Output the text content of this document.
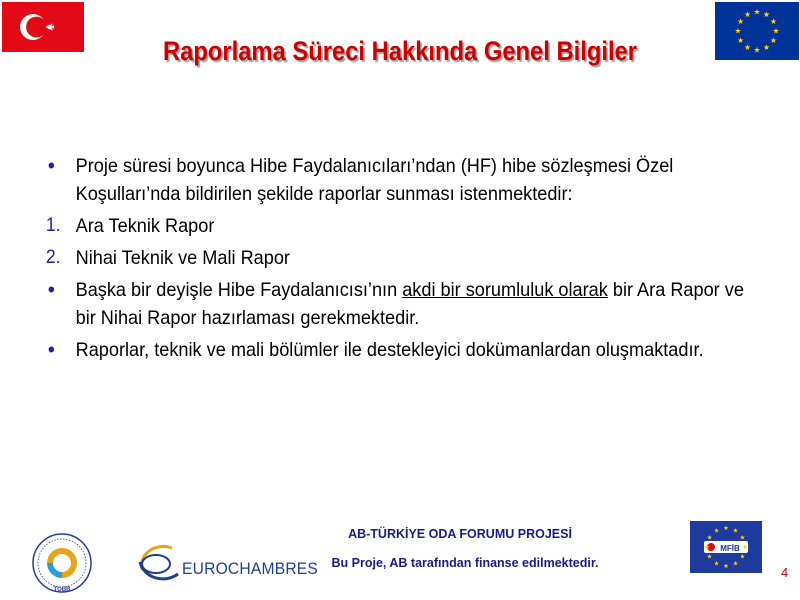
Raporlama Süreci Hakkında Genel Bilgiler
•	Proje süresi boyunca Hibe Faydalanıcıları’ndan (HF) hibe sözleşmesi Özel Koşulları’nda bildirilen şekilde raporlar sunması istenmektedir:
1. Ara Teknik Rapor
2. Nihai Teknik ve Mali Rapor
•	Başka bir deyişle Hibe Faydalanıcısı’nın akdi bir sorumluluk olarak bir Ara Rapor ve bir Nihai Rapor hazırlaması gerekmektedir.
•	Raporlar, teknik ve mali bölümler ile destekleyici dokümanlardan oluşmaktadır.
TOBB
EUROCHAMBRES
AB-TÜRKİYE ODA FORUMU PROJESİ
Bu Proje, AB tarafından finanse edilmektedir.
MFİB
4
